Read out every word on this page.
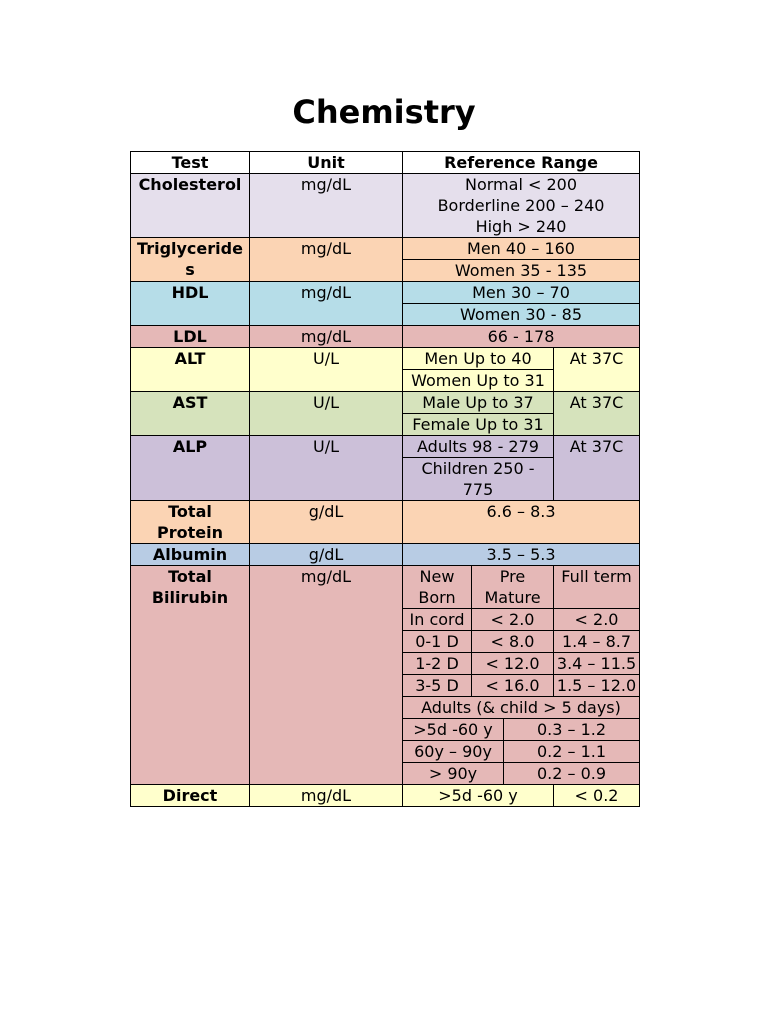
Chemistry
Test	Unit	Reference Range			
Cholesterol	mg/dL	Normal < 200
Borderline 200 – 240
High > 240			

Triglycerides	mg/dL	Men 40 – 160			
		Women 35 - 135			
HDL	mg/dL	Men 30 – 70			
		Women 30 - 85			
LDL	mg/dL	66 - 178			
ALT	U/L	Men Up to 40			At 37C
		Women Up to 31			
AST	U/L	Male Up to 37			At 37C
		Female Up to 31			
ALP	U/L	Adults 98 - 279			At 37C
		Children 250 - 775			
Total Protein	g/dL	6.6 – 8.3			
Albumin	g/dL	3.5 – 5.3			
Total Bilirubin	mg/dL	New Born	Pre Mature		Full term
		In cord	< 2.0		< 2.0
		0-1 D	< 8.0		1.4 – 8.7
		1-2 D	< 12.0		3.4 – 11.5
		3-5 D	< 16.0		1.5 – 12.0
		Adults (& child > 5 days)			
		>5d -60 y		0.3 – 1.2	
		60y – 90y		0.2 – 1.1	
		> 90y		0.2 – 0.9	
Direct	mg/dL	>5d -60 y			< 0.2
